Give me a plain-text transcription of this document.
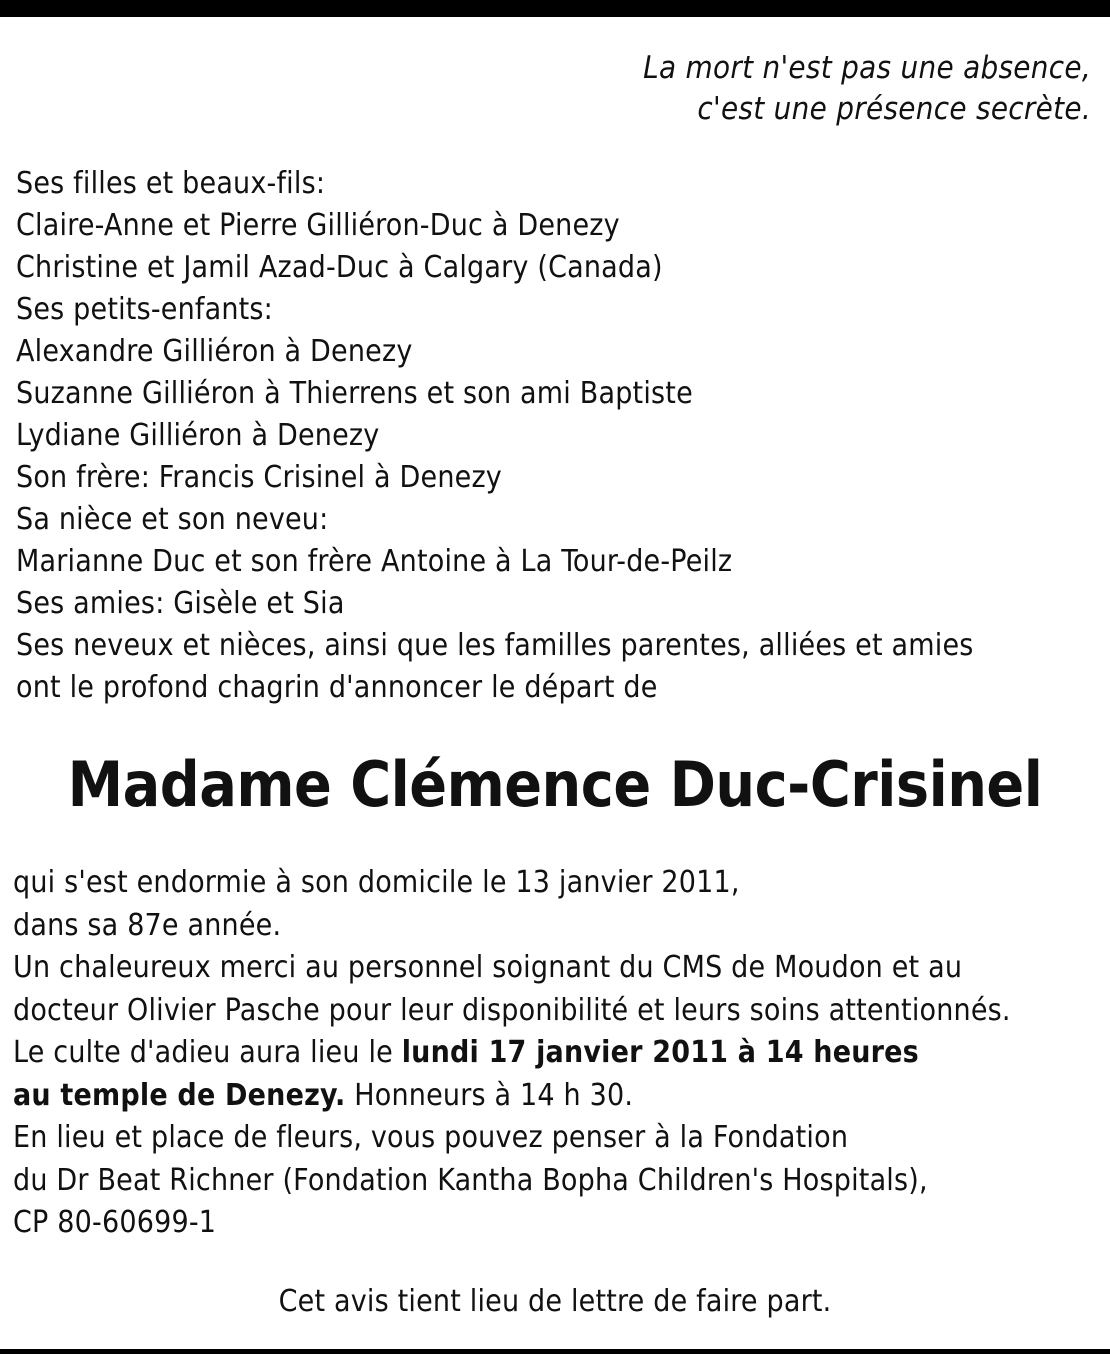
La mort n'est pas une absence,
c'est une présence secrète.
Ses filles et beaux-fils:
Claire-Anne et Pierre Gilliéron-Duc à Denezy
Christine et Jamil Azad-Duc à Calgary (Canada)
Ses petits-enfants:
Alexandre Gilliéron à Denezy
Suzanne Gilliéron à Thierrens et son ami Baptiste
Lydiane Gilliéron à Denezy
Son frère: Francis Crisinel à Denezy
Sa nièce et son neveu:
Marianne Duc et son frère Antoine à La Tour-de-Peilz
Ses amies: Gisèle et Sia
Ses neveux et nièces, ainsi que les familles parentes, alliées et amies
ont le profond chagrin d'annoncer le départ de
Madame Clémence Duc-Crisinel
qui s'est endormie à son domicile le 13 janvier 2011,
dans sa 87e année.
Un chaleureux merci au personnel soignant du CMS de Moudon et au
docteur Olivier Pasche pour leur disponibilité et leurs soins attentionnés.
Le culte d'adieu aura lieu le lundi 17 janvier 2011 à 14 heures
au temple de Denezy. Honneurs à 14 h 30.
En lieu et place de fleurs, vous pouvez penser à la Fondation
du Dr Beat Richner (Fondation Kantha Bopha Children's Hospitals),
CP 80-60699-1
Cet avis tient lieu de lettre de faire part.
